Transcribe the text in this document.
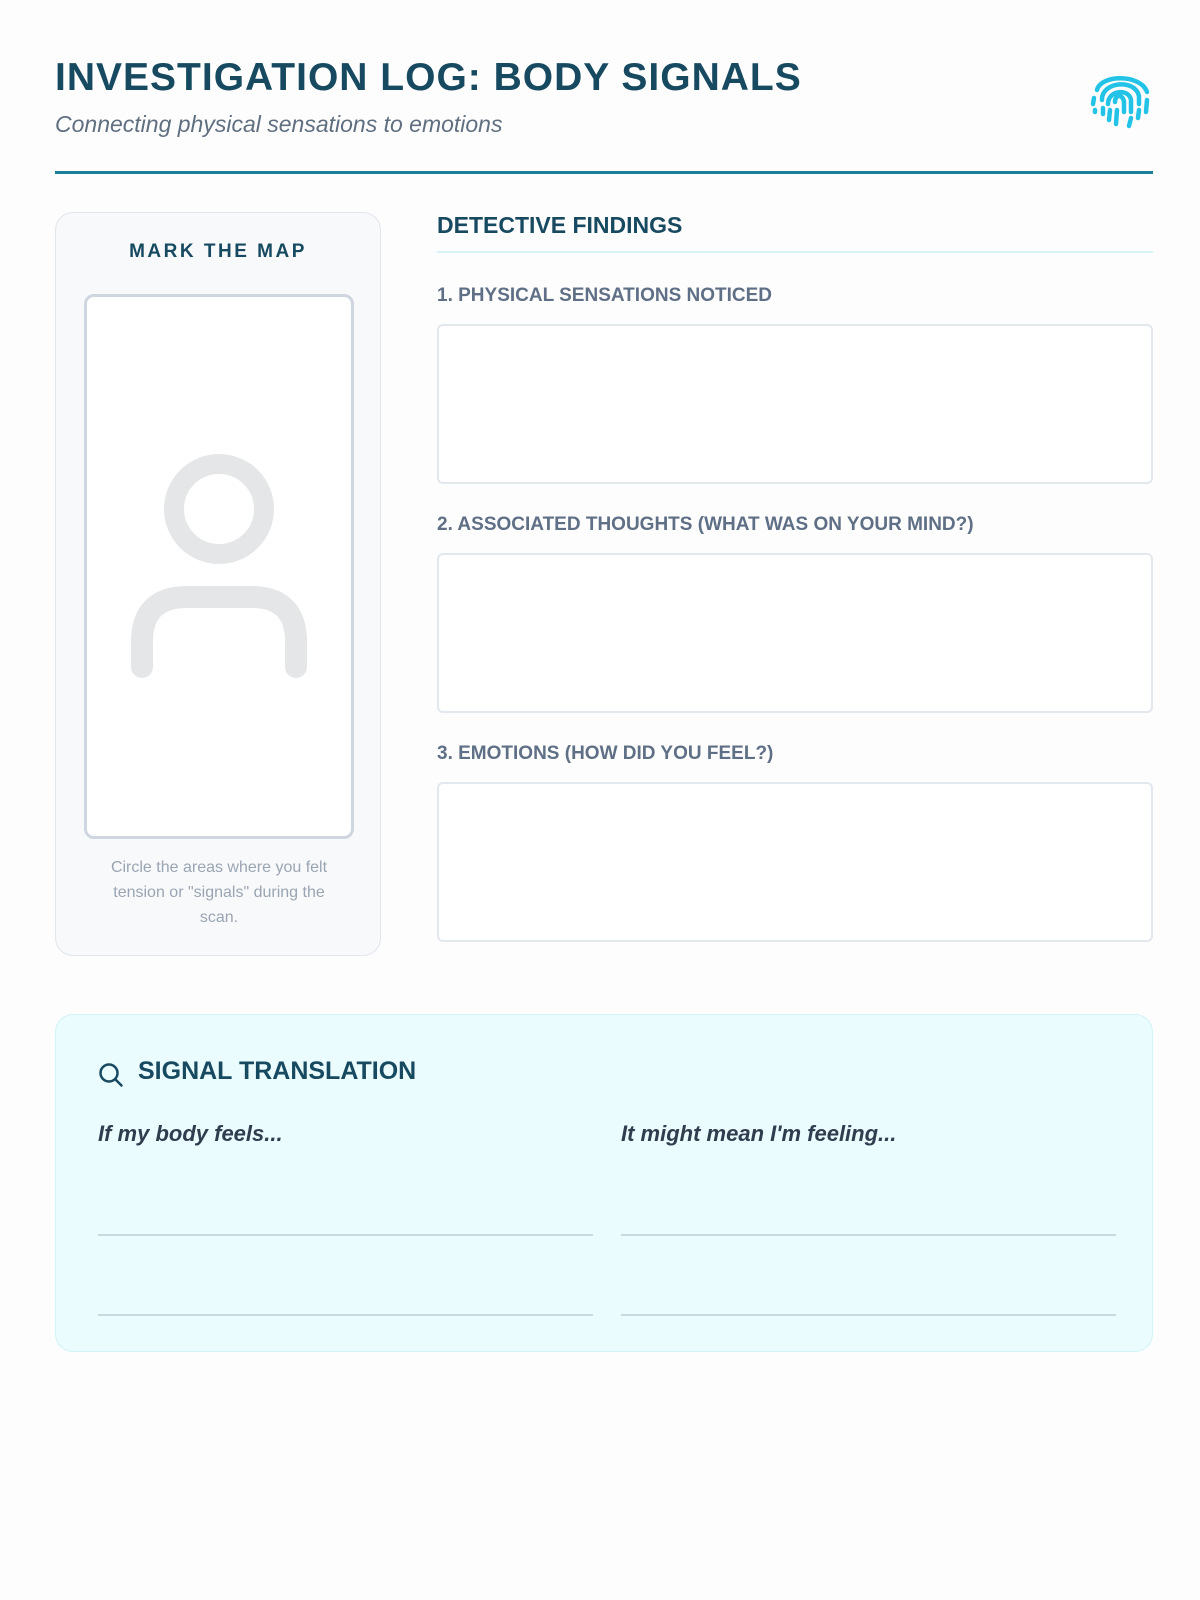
INVESTIGATION LOG: BODY SIGNALS
Connecting physical sensations to emotions
MARK THE MAP
Circle the areas where you felt tension or "signals" during the scan.
DETECTIVE FINDINGS
1. PHYSICAL SENSATIONS NOTICED
2. ASSOCIATED THOUGHTS (WHAT WAS ON YOUR MIND?)
3. EMOTIONS (HOW DID YOU FEEL?)
SIGNAL TRANSLATION
If my body feels...	It might mean I'm feeling...
